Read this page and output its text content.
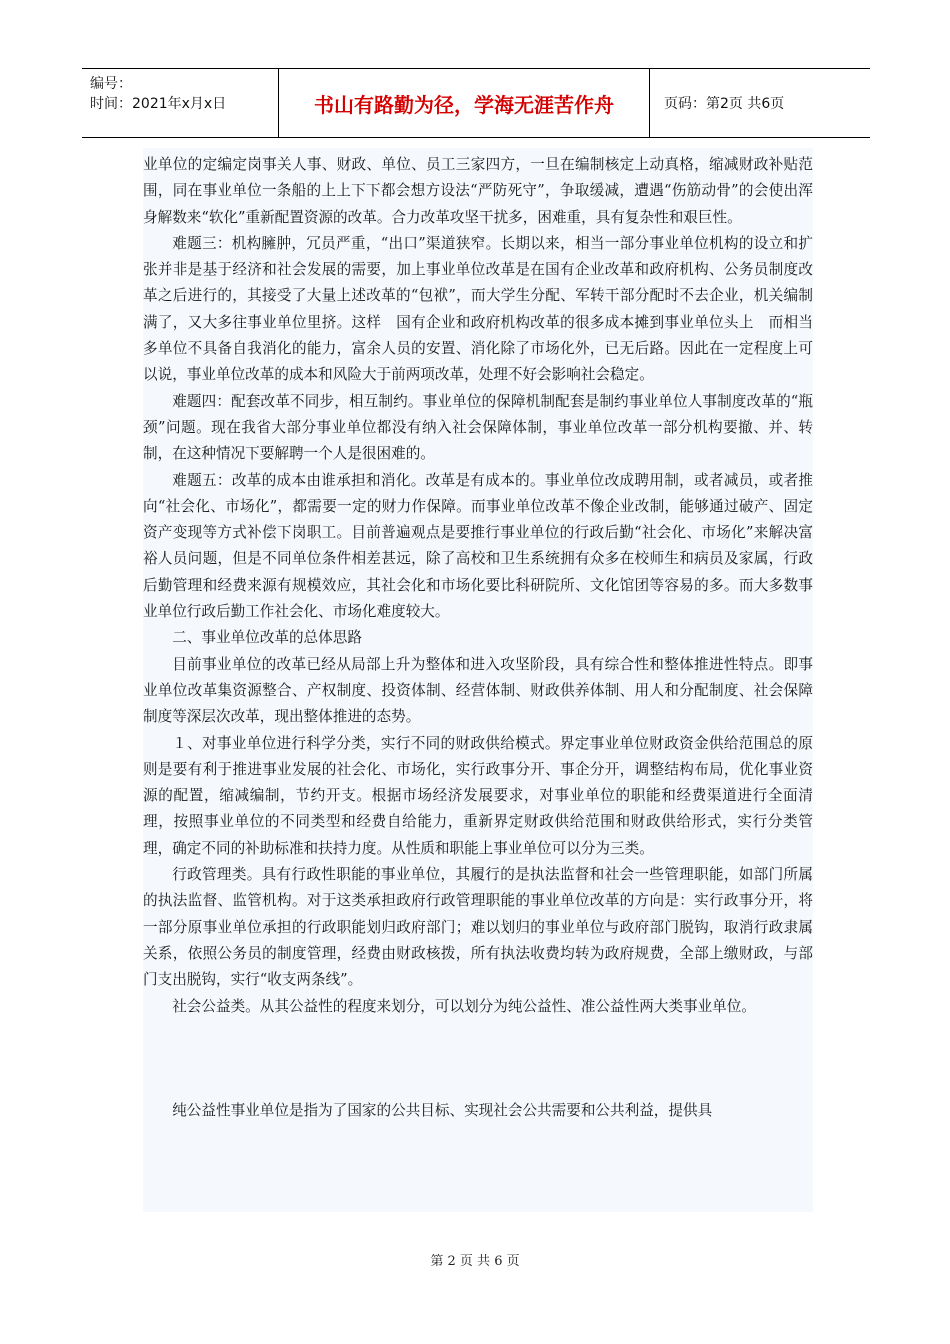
编号：
时间：2021年x月x日	书山有路勤为径，学海无涯苦作舟	页码：第2页 共6页

业单位的定编定岗事关人事、财政、单位、员工三家四方，一旦在编制核定上动真格，缩减财政补贴范围，同在事业单位一条船的上上下下都会想方设法“严防死守”，争取缓减，遭遇“伤筋动骨”的会使出浑身解数来“软化”重新配置资源的改革。合力改革攻坚干扰多，困难重，具有复杂性和艰巨性。

难题三：机构臃肿，冗员严重，“出口”渠道狭窄。长期以来，相当一部分事业单位机构的设立和扩张并非是基于经济和社会发展的需要，加上事业单位改革是在国有企业改革和政府机构、公务员制度改革之后进行的，其接受了大量上述改革的“包袱”，而大学生分配、军转干部分配时不去企业，机关编制满了，又大多往事业单位里挤。这样　国有企业和政府机构改革的很多成本摊到事业单位头上　而相当多单位不具备自我消化的能力，富余人员的安置、消化除了市场化外，已无后路。因此在一定程度上可以说，事业单位改革的成本和风险大于前两项改革，处理不好会影响社会稳定。

难题四：配套改革不同步，相互制约。事业单位的保障机制配套是制约事业单位人事制度改革的“瓶颈”问题。现在我省大部分事业单位都没有纳入社会保障体制，事业单位改革一部分机构要撤、并、转制，在这种情况下要解聘一个人是很困难的。

难题五：改革的成本由谁承担和消化。改革是有成本的。事业单位改成聘用制，或者减员，或者推向“社会化、市场化”，都需要一定的财力作保障。而事业单位改革不像企业改制，能够通过破产、固定资产变现等方式补偿下岗职工。目前普遍观点是要推行事业单位的行政后勤“社会化、市场化”来解决富裕人员问题，但是不同单位条件相差甚远，除了高校和卫生系统拥有众多在校师生和病员及家属，行政后勤管理和经费来源有规模效应，其社会化和市场化要比科研院所、文化馆团等容易的多。而大多数事业单位行政后勤工作社会化、市场化难度较大。

二、事业单位改革的总体思路

目前事业单位的改革已经从局部上升为整体和进入攻坚阶段，具有综合性和整体推进性特点。即事业单位改革集资源整合、产权制度、投资体制、经营体制、财政供养体制、用人和分配制度、社会保障制度等深层次改革，现出整体推进的态势。

１、对事业单位进行科学分类，实行不同的财政供给模式。界定事业单位财政资金供给范围总的原则是要有利于推进事业发展的社会化、市场化，实行政事分开、事企分开，调整结构布局，优化事业资源的配置，缩减编制，节约开支。根据市场经济发展要求，对事业单位的职能和经费渠道进行全面清理，按照事业单位的不同类型和经费自给能力，重新界定财政供给范围和财政供给形式，实行分类管理，确定不同的补助标准和扶持力度。从性质和职能上事业单位可以分为三类。

行政管理类。具有行政性职能的事业单位，其履行的是执法监督和社会一些管理职能，如部门所属的执法监督、监管机构。对于这类承担政府行政管理职能的事业单位改革的方向是：实行政事分开，将一部分原事业单位承担的行政职能划归政府部门；难以划归的事业单位与政府部门脱钩，取消行政隶属关系，依照公务员的制度管理，经费由财政核拨，所有执法收费均转为政府规费，全部上缴财政，与部门支出脱钩，实行“收支两条线”。

社会公益类。从其公益性的程度来划分，可以划分为纯公益性、准公益性两大类事业单位。

纯公益性事业单位是指为了国家的公共目标、实现社会公共需要和公共利益，提供具

第 2 页 共 6 页
